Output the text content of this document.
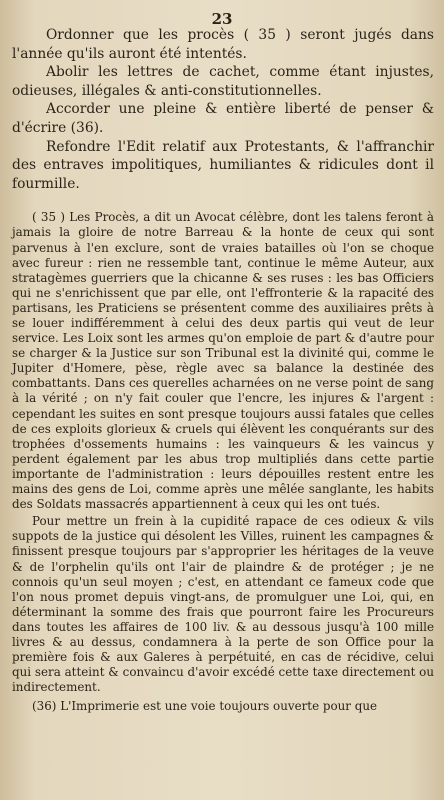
23

Ordonner que les procès ( 35 ) seront jugés dans l'année qu'ils auront été intentés.

Abolir les lettres de cachet, comme étant injustes, odieuses, illégales & anti-constitutionnelles.

Accorder une pleine & entière liberté de penser & d'écrire (36).

Refondre l'Edit relatif aux Protestants, & l'affranchir des entraves impolitiques, humiliantes & ridicules dont il fourmille.

( 35 ) Les Procès, a dit un Avocat célèbre, dont les talens feront à jamais la gloire de notre Barreau & la honte de ceux qui sont parvenus à l'en exclure, sont de vraies batailles où l'on se choque avec fureur : rien ne ressemble tant, continue le même Auteur, aux stratagèmes guerriers que la chicanne & ses ruses : les bas Officiers qui ne s'enrichissent que par elle, ont l'effronterie & la rapacité des partisans, les Praticiens se présentent comme des auxiliaires prêts à se louer indifféremment à celui des deux partis qui veut de leur service. Les Loix sont les armes qu'on emploie de part & d'autre pour se charger & la Justice sur son Tribunal est la divinité qui, comme le Jupiter d'Homere, pèse, règle avec sa balance la destinée des combattants. Dans ces querelles acharnées on ne verse point de sang à la vérité ; on n'y fait couler que l'encre, les injures & l'argent : cependant les suites en sont presque toujours aussi fatales que celles de ces exploits glorieux & cruels qui élèvent les conquérants sur des trophées d'ossements humains : les vainqueurs & les vaincus y perdent également par les abus trop multipliés dans cette partie importante de l'administration : leurs dépouilles restent entre les mains des gens de Loi, comme après une mêlée sanglante, les habits des Soldats massacrés appartiennent à ceux qui les ont tués.

Pour mettre un frein à la cupidité rapace de ces odieux & vils suppots de la justice qui désolent les Villes, ruinent les campagnes & finissent presque toujours par s'approprier les héritages de la veuve & de l'orphelin qu'ils ont l'air de plaindre & de protéger ; je ne connois qu'un seul moyen ; c'est, en attendant ce fameux code que l'on nous promet depuis vingt-ans, de promulguer une Loi, qui, en déterminant la somme des frais que pourront faire les Procureurs dans toutes les affaires de 100 liv. & au dessous jusqu'à 100 mille livres & au dessus, condamnera à la perte de son Office pour la première fois & aux Galeres à perpétuité, en cas de récidive, celui qui sera atteint & convaincu d'avoir excédé cette taxe directement ou indirectement.

(36) L'Imprimerie est une voie toujours ouverte pour que
